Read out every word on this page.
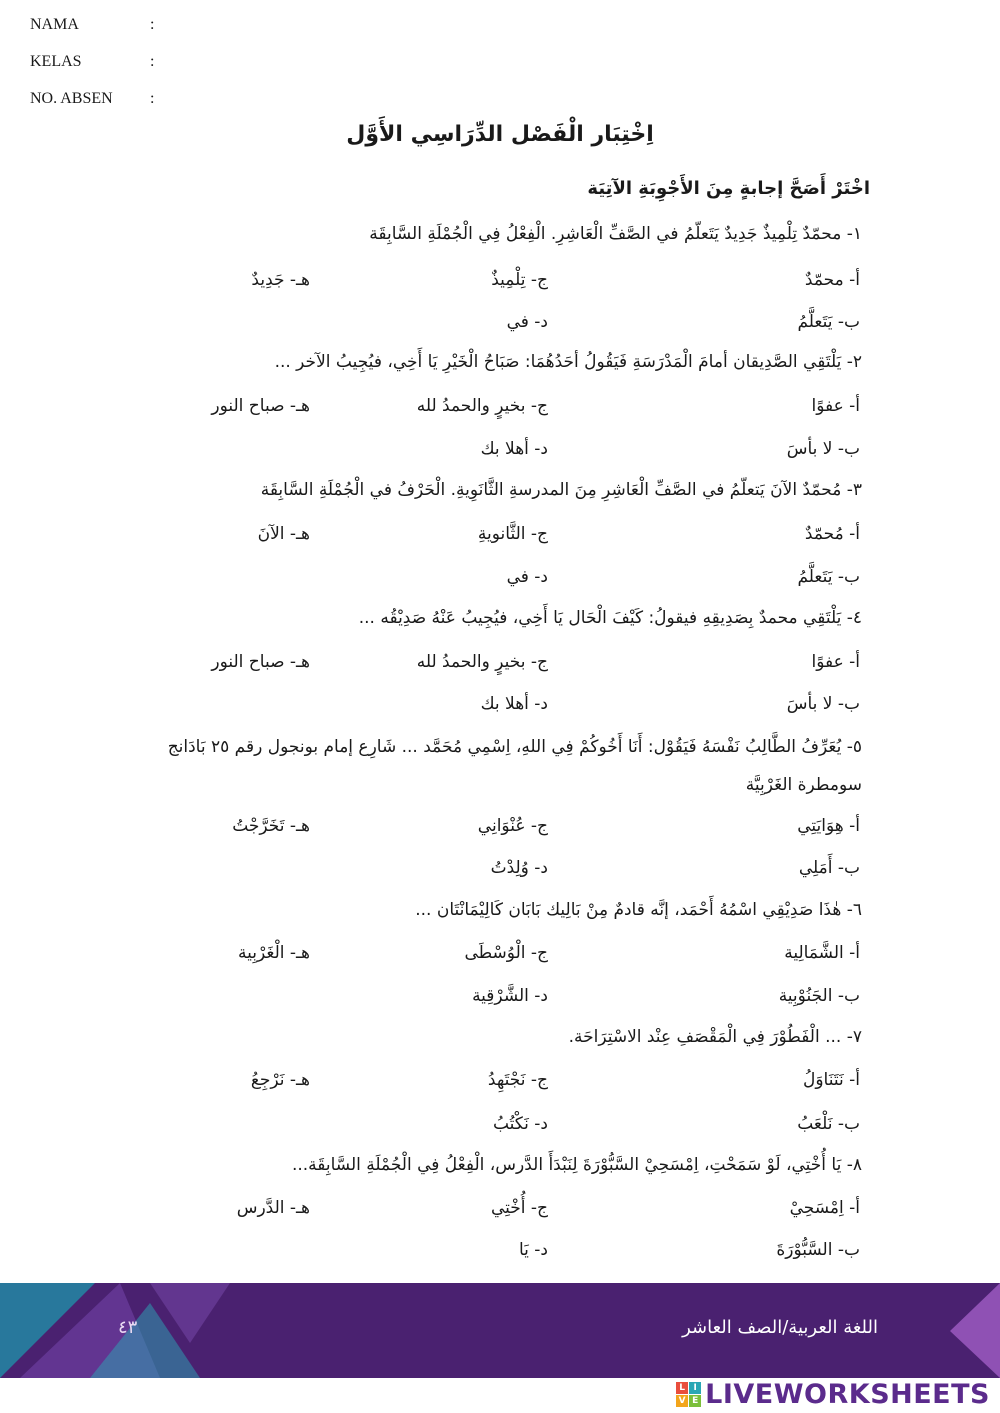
NAMA	:
KELAS	:
NO. ABSEN :
اِخْتِبَار الْفَصْل الدِّرَاسِي الأَوَّل
اخْتَرْ أَصَحَّ إجابةٍ مِنَ الأَجْوِبَةِ الآتِيَة
١- محمّدٌ تِلْمِيذٌ جَدِيدٌ يَتَعلّمُ في الصَّفِّ الْعَاشِرِ. الْفِعْلُ فِي الْجُمْلَةِ السَّابِقَة
أ- محمّدٌ
ج- تِلْمِيذٌ
هـ- جَدِيدٌ
ب- يَتَعلَّمُ
د- في
٢- يَلْتَقِي الصَّدِيقان أمامَ الْمَدْرَسَةِ فَيَقُولُ أحَدُهُمَا: صَبَاحُ الْخَيْرِ يَا أَخِي، فيُجِيبُ الآخر ...
أ- عفوًا
ج- بخيرٍ والحمدُ لله
هـ- صباح النور
ب- لا بأسَ
د- أهلا بك
٣- مُحمّدٌ الآنَ يَتعلّمُ في الصَّفِّ الْعَاشِرِ مِنَ المدرسةِ الثَّانَوِيةِ. الْحَرْفُ في الْجُمْلَةِ السَّابِقَة
أ- مُحمّدٌ
ج- الثَّانويةِ
هـ- الآنَ
ب- يَتَعلَّمُ
د- في
٤- يَلْتَقِي محمدٌ بِصَدِيقِهِ فيقولُ: كَيْفَ الْحَال يَا أَخِي، فيُجِيبُ عَنْهُ صَدِيْقُه ...
أ- عفوًا
ج- بخيرٍ والحمدُ لله
هـ- صباح النور
ب- لا بأسَ
د- أهلا بك
٥- يُعَرِّفُ الطَّالِبُ نَفْسَهُ فَيَقُوْل: أَنَا أَخُوكُمْ فِي اللهِ، اِسْمِي مُحَمَّد ... شَارِع إمام بونجول رقم ٢٥ بَادَانج سومطرة الغَرْبِيَّة
أ- هِوَايَتِي
ج- عُنْوَانِي
هـ- تَخَرَّجْتُ
ب- أَمَلِي
د- وُلِدْتُ
٦- هٰذَا صَدِيْقِي اسْمُهُ أَحْمَد، إنَّه قادمٌ مِنْ بَالِيك بَابَان كَالِيْمَانْتَان ...
أ- الشَّمَالِية
ج- الْوُسْطَى
هـ- الْغَرْبِية
ب- الجَنُوْبِية
د- الشَّرْقِية
٧- ... الْفَطُوْرَ فِي الْمَقْصَفِ عِنْد الاسْتِرَاحَة.
أ- نَتَنَاوَلُ
ج- نَجْتَهِدُ
هـ- نَرْجِعُ
ب- نَلْعَبُ
د- نَكْتُبُ
٨- يَا أُخْتِي، لَوْ سَمَحْتِ، اِمْسَحِيْ السَّبُّوْرَةَ لِنَبْدَأَ الدَّرس، الْفِعْلُ فِي الْجُمْلَةِ السَّابِقَة...
أ- اِمْسَحِيْ
ج- أُخْتِي
هـ- الدَّرس
ب- السَّبُّوْرَةَ
د- يَا
٤٣	اللغة العربية/الصف العاشر
L I
V E LIVEWORKSHEETS
